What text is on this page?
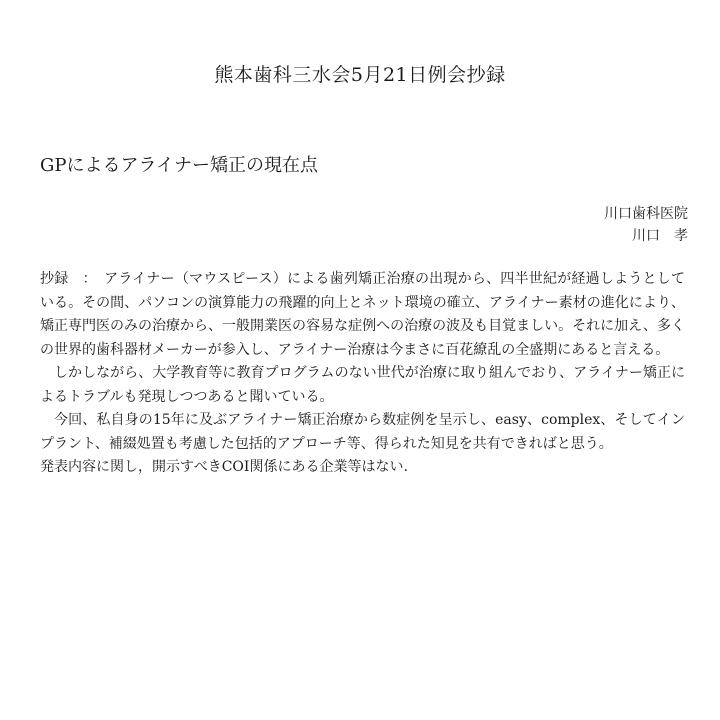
熊本歯科三水会5月21日例会抄録
GPによるアライナー矯正の現在点
川口歯科医院
川口　孝

抄録　：　アライナー（マウスピース）による歯列矯正治療の出現から、四半世紀が経過しようとしている。その間、パソコンの演算能力の飛躍的向上とネット環境の確立、アライナー素材の進化により、矯正専門医のみの治療から、一般開業医の容易な症例への治療の波及も目覚ましい。それに加え、多くの世界的歯科器材メーカーが参入し、アライナー治療は今まさに百花繚乱の全盛期にあると言える。

しかしながら、大学教育等に教育プログラムのない世代が治療に取り組んでおり、アライナー矯正によるトラブルも発現しつつあると聞いている。

今回、私自身の15年に及ぶアライナー矯正治療から数症例を呈示し、easy、complex、そしてインプラント、補綴処置も考慮した包括的アプローチ等、得られた知見を共有できればと思う。

発表内容に関し，開示すべきCOI関係にある企業等はない.
